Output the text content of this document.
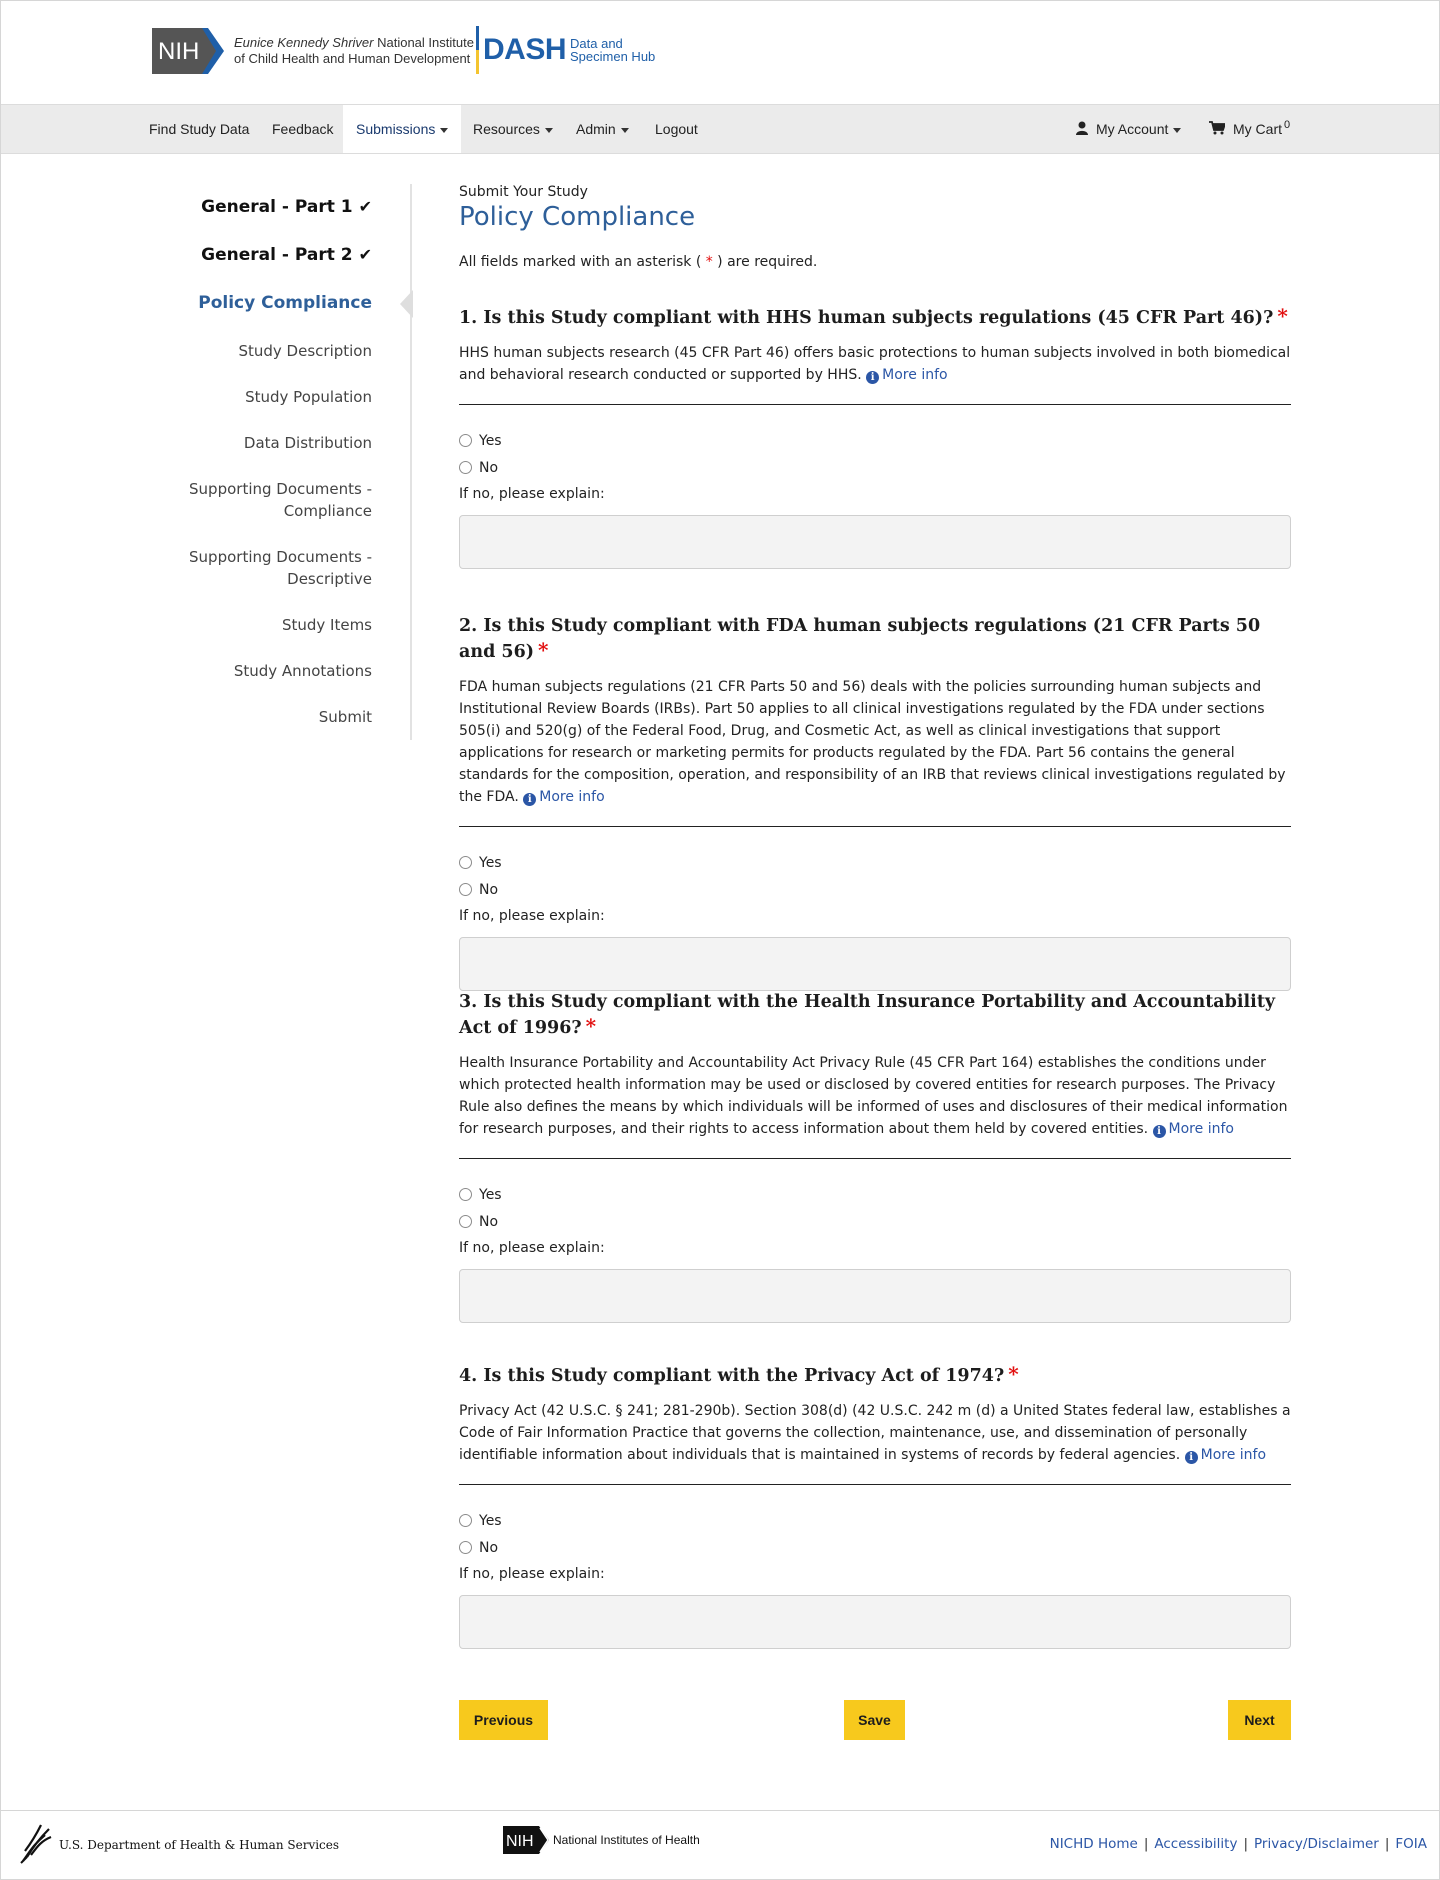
NIH	Eunice Kennedy Shriver National Institute
of Child Health and Human Development DASH Data and
Specimen Hub
Find Study Data	Feedback	Submissions	Resources	Admin	Logout	My Account	My Cart $^0$
General - Part 1 ✔
General - Part 2 ✔
Policy Compliance
Study Description
Study Population
Data Distribution
Supporting Documents -
Compliance
Supporting Documents -
Descriptive
Study Items
Study Annotations
Submit
Submit Your Study
Policy Compliance
All fields marked with an asterisk ( * ) are required.
1. Is this Study compliant with HHS human subjects regulations (45 CFR Part 46)? *
HHS human subjects research (45 CFR Part 46) offers basic protections to human subjects involved in both biomedical and behavioral research conducted or supported by HHS. i More info
Yes
No
If no, please explain:
2. Is this Study compliant with FDA human subjects regulations (21 CFR Parts 50 and 56) *
FDA human subjects regulations (21 CFR Parts 50 and 56) deals with the policies surrounding human subjects and Institutional Review Boards (IRBs). Part 50 applies to all clinical investigations regulated by the FDA under sections 505(i) and 520(g) of the Federal Food, Drug, and Cosmetic Act, as well as clinical investigations that support applications for research or marketing permits for products regulated by the FDA. Part 56 contains the general standards for the composition, operation, and responsibility of an IRB that reviews clinical investigations regulated by the FDA. i More info
Yes
No
If no, please explain:
3. Is this Study compliant with the Health Insurance Portability and Accountability Act of 1996? *
Health Insurance Portability and Accountability Act Privacy Rule (45 CFR Part 164) establishes the conditions under which protected health information may be used or disclosed by covered entities for research purposes. The Privacy Rule also defines the means by which individuals will be informed of uses and disclosures of their medical information for research purposes, and their rights to access information about them held by covered entities. i More info
Yes
No
If no, please explain:
4. Is this Study compliant with the Privacy Act of 1974? *
Privacy Act (42 U.S.C. § 241; 281-290b). Section 308(d) (42 U.S.C. 242 m (d) a United States federal law, establishes a Code of Fair Information Practice that governs the collection, maintenance, use, and dissemination of personally identifiable information about individuals that is maintained in systems of records by federal agencies. i More info
Yes
No
If no, please explain:
Previous	Save	Next
U.S. Department of Health & Human Services	NIH National Institutes of Health	NICHD Home | Accessibility | Privacy/Disclaimer | FOIA
